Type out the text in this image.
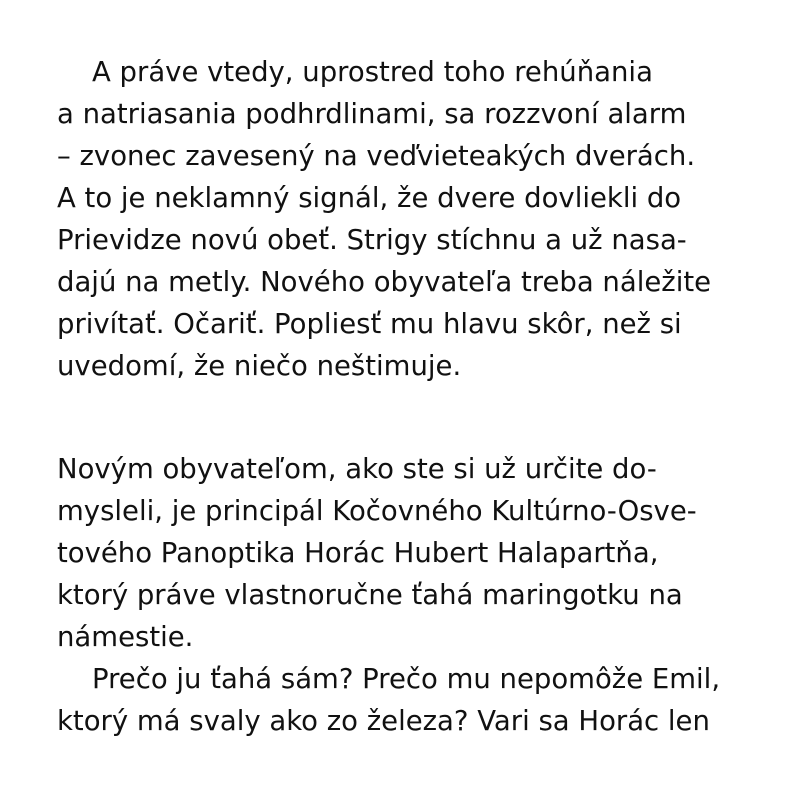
A práve vtedy, uprostred toho rehúňania

a natriasania podhrdlinami, sa rozzvoní alarm

– zvonec zavesený na veďvieteakých dverách.

A to je neklamný signál, že dvere dovliekli do

Prievidze novú obeť. Strigy stíchnu a už nasa-

dajú na metly. Nového obyvateľa treba náležite

privítať. Očariť. Popliesť mu hlavu skôr, než si

uvedomí, že niečo neštimuje.

Novým obyvateľom, ako ste si už určite do-

mysleli, je principál Kočovného Kultúrno-Osve-

tového Panoptika Horác Hubert Halapartňa,

ktorý práve vlastnoručne ťahá maringotku na

námestie.

Prečo ju ťahá sám? Prečo mu nepomôže Emil,

ktorý má svaly ako zo železa? Vari sa Horác len
